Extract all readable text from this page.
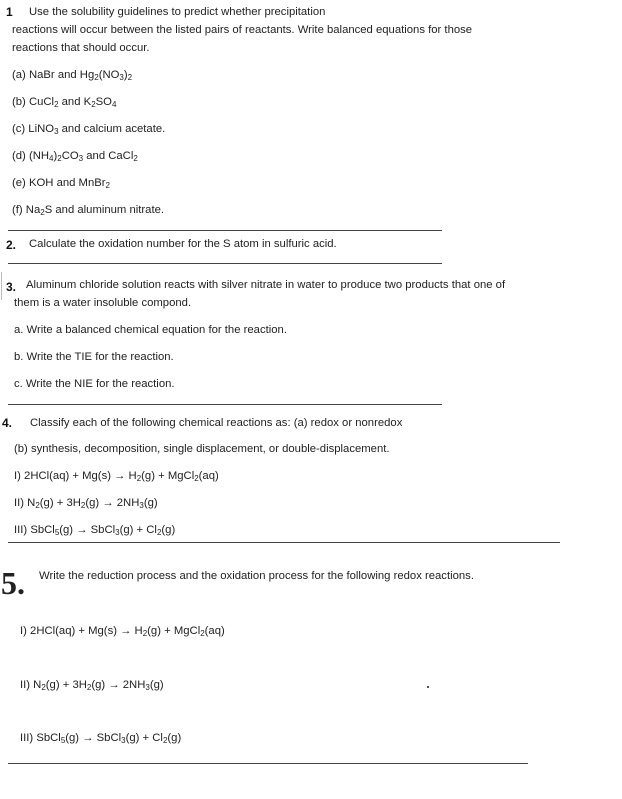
1 Use the solubility guidelines to predict whether precipitation
reactions will occur between the listed pairs of reactants. Write balanced equations for those
reactions that should occur.
(a) NaBr and $Hg_2(NO_3)_2$
(b) CuCl$_2$ and $K_2SO_4$
(c) LiNO$_3$ and calcium acetate.
(d) $(NH_4)_2CO_3$ and CaCl$_2$
(e) KOH and MnBr$_2$
(f) $Na_2S$ and aluminum nitrate.
2. Calculate the oxidation number for the S atom in sulfuric acid.
3. Aluminum chloride solution reacts with silver nitrate in water to produce two products that one of
them is a water insoluble compond.
a. Write a balanced chemical equation for the reaction.
b. Write the TIE for the reaction.
c. Write the NIE for the reaction.
4. Classify each of the following chemical reactions as: (a) redox or nonredox
(b) synthesis, decomposition, single displacement, or double-displacement.
I) $2HCl(aq) + Mg(s) \to H_2(g)$ + MgCl$_2$(aq)
II) $N_2(g) + 3H_2(g) \to 2NH_3(g)$
III) SbCl$_5$(g) → SbCl$_3$(g) + $Cl_2(g)$
5. Write the reduction process and the oxidation process for the following redox reactions.
I) $2HCl(aq) + Mg(s) \to H_2(g)$ + MgCl$_2$(aq)
II) $N_2(g) + 3H_2(g) \to 2NH_3(g)$
III) SbCl$_5$(g) → SbCl$_3$(g) + $Cl_2(g)$
